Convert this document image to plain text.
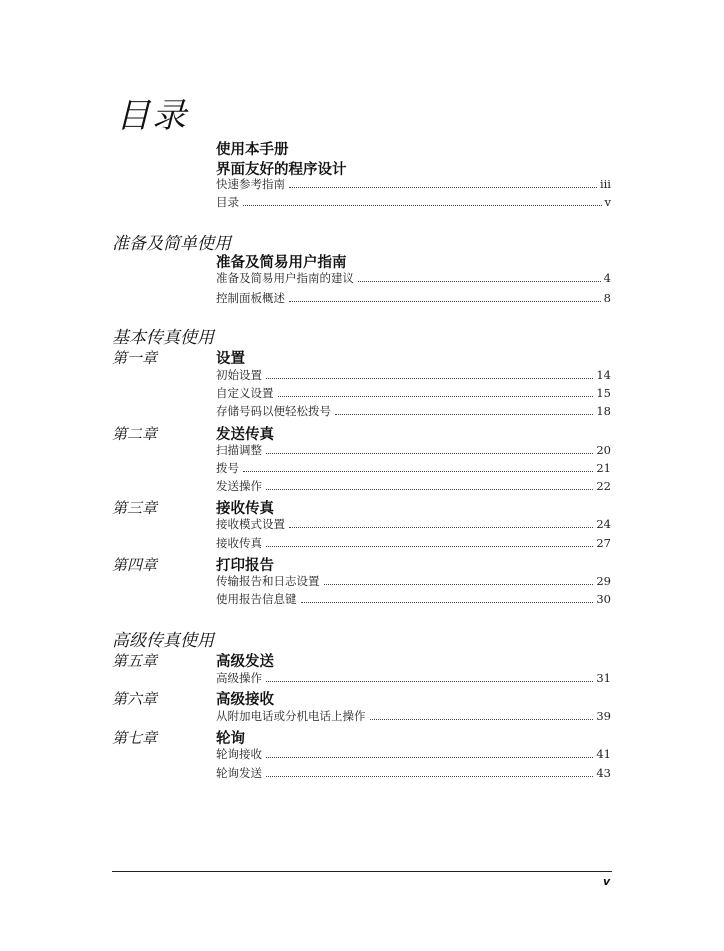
目录
使用本手册
界面友好的程序设计
快速参考指南	iii
目录	v
准备及简单使用
准备及简易用户指南
准备及简易用户指南的建议	4
控制面板概述	8
基本传真使用
第一章	设置
初始设置	14
自定义设置	15
存储号码以便轻松拨号	18
第二章	发送传真
扫描调整	20
拨号	21
发送操作	22
第三章	接收传真
接收模式设置	24
接收传真	27
第四章	打印报告
传输报告和日志设置	29
使用报告信息键	30
高级传真使用
第五章	高级发送
高级操作	31
第六章	高级接收
从附加电话或分机电话上操作	39
第七章	轮询
轮询接收	41
轮询发送	43
v
